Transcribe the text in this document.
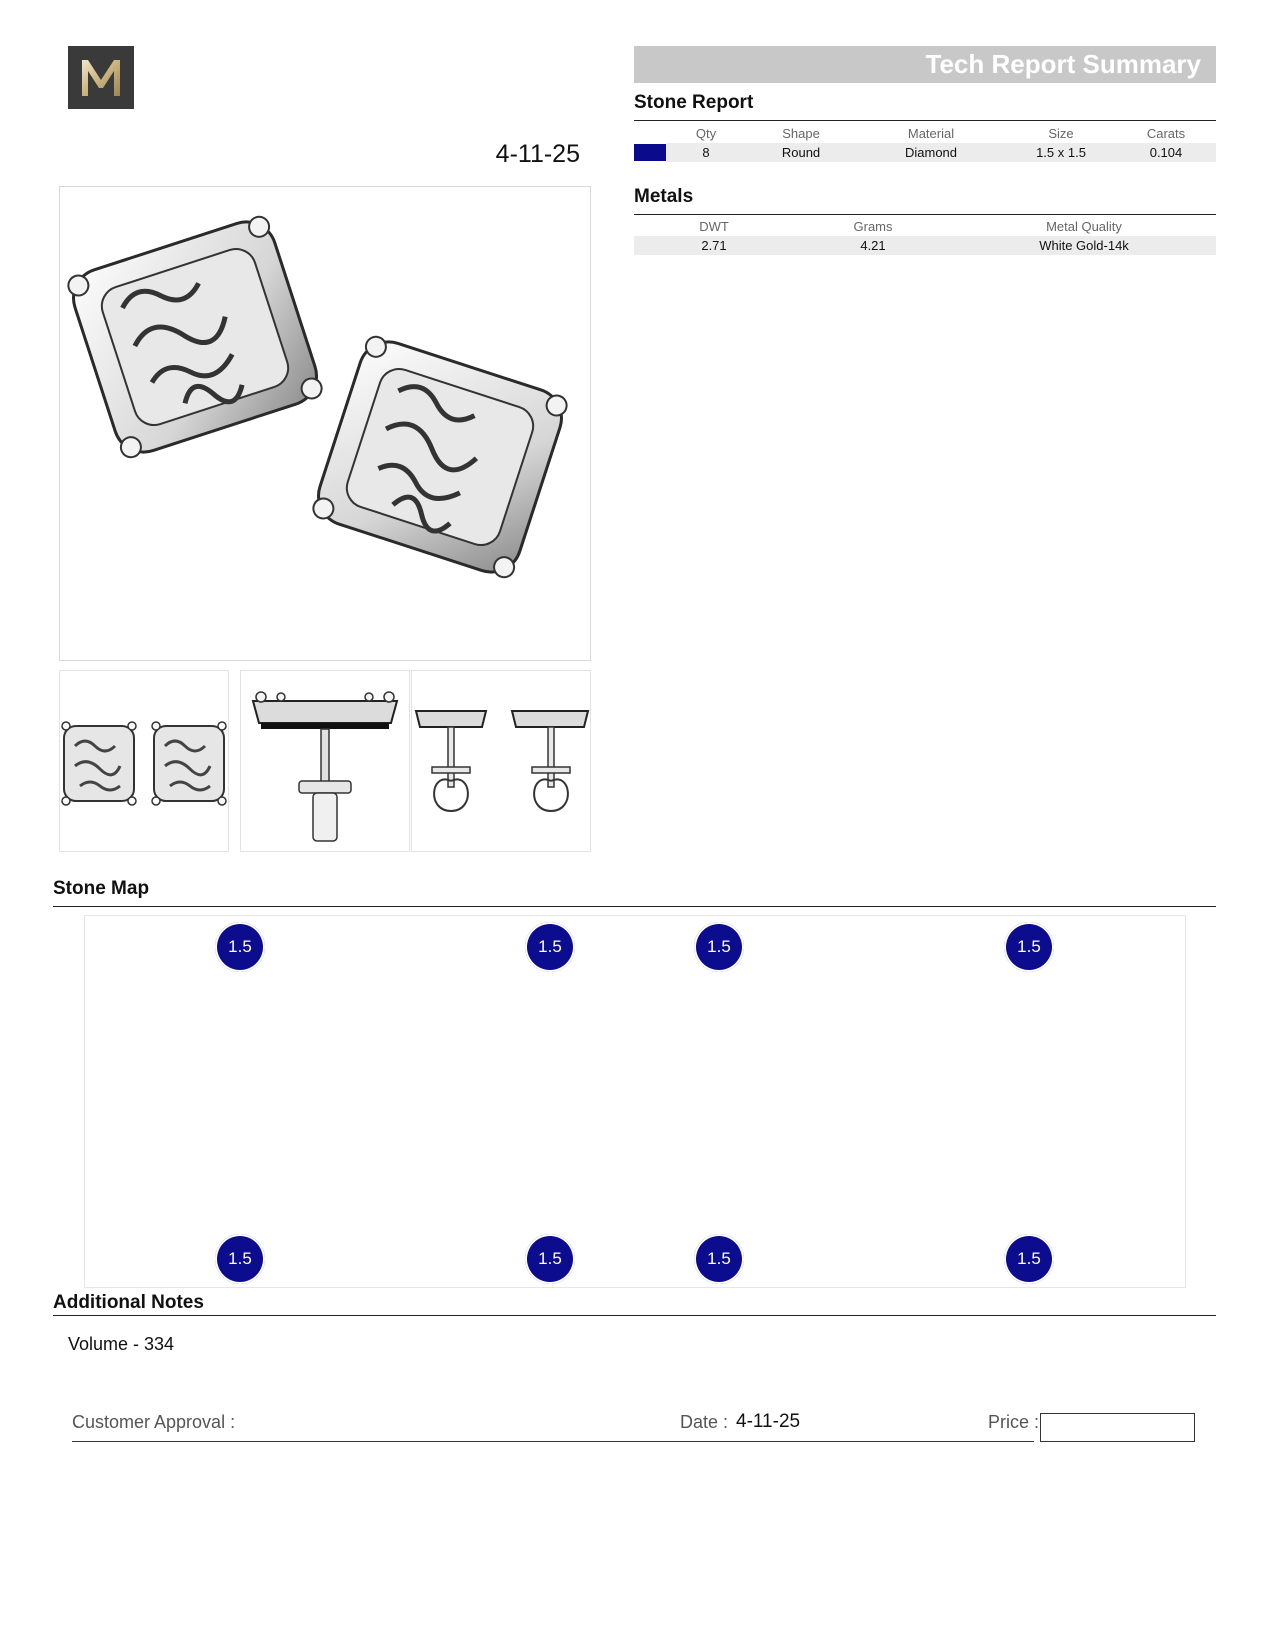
4-11-25
Tech Report Summary
Stone Report
	Qty	Shape	Material	Size	Carats

	8	Round	Diamond	1.5 x 1.5	0.104
Metals
DWT	Grams	Metal Quality
2.71	4.21	White Gold-14k
Stone Map
1.5	1.5	1.5	1.5
1.5	1.5	1.5	1.5
Additional Notes
Volume - 334
Customer Approval :	Date : 4-11-25	Price :
